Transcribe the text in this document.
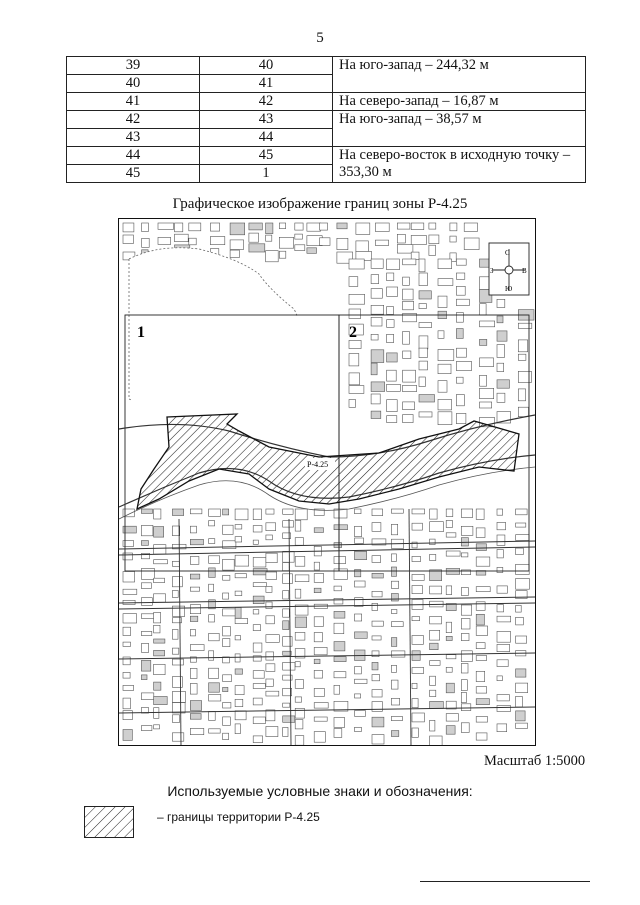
5
39	40	На юго-запад – 244,32 м
40	41	
41	42	На северо-запад – 16,87 м
42	43	На юго-запад – 38,57 м
43	44	
44	45	На северо-восток в исходную точку – 353,30 м
45	1	
Графическое изображение границ зоны Р-4.25
1	2
Р-4.25
С
Ю
З	В
Масштаб 1:5000
Используемые условные знаки и обозначения:
– границы территории Р-4.25
